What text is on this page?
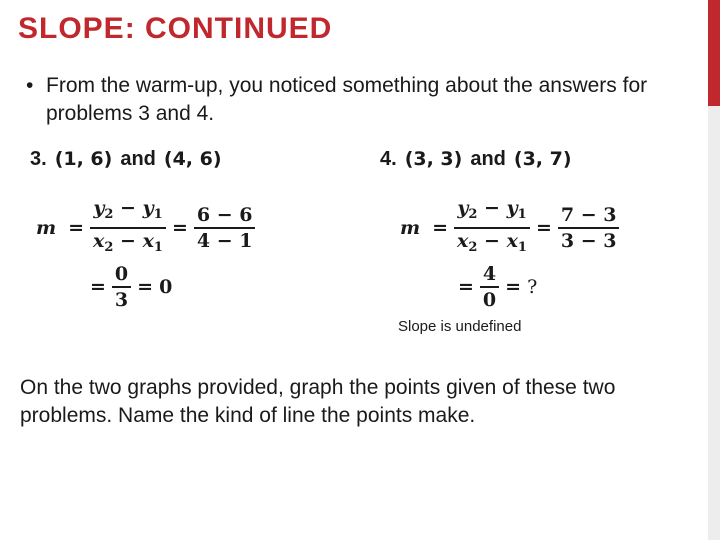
SLOPE: CONTINUED
• From the warm-up, you noticed something about the answers for problems 3 and 4.
3. (1, 6) and (4, 6)
$m = \frac{y_2 - y_1}{x_2 - x_1} = \frac{6 - 6}{4 - 1}$
= $\frac{0}{3} = 0$
4. (3, 3) and (3, 7)
$m = \frac{y_2 - y_1}{x_2 - x_1} = \frac{7 - 3}{3 - 3}$
= $\frac{4}{0}$ = ?
Slope is undefined

On the two graphs provided, graph the points given of these two problems. Name the kind of line the points make.
